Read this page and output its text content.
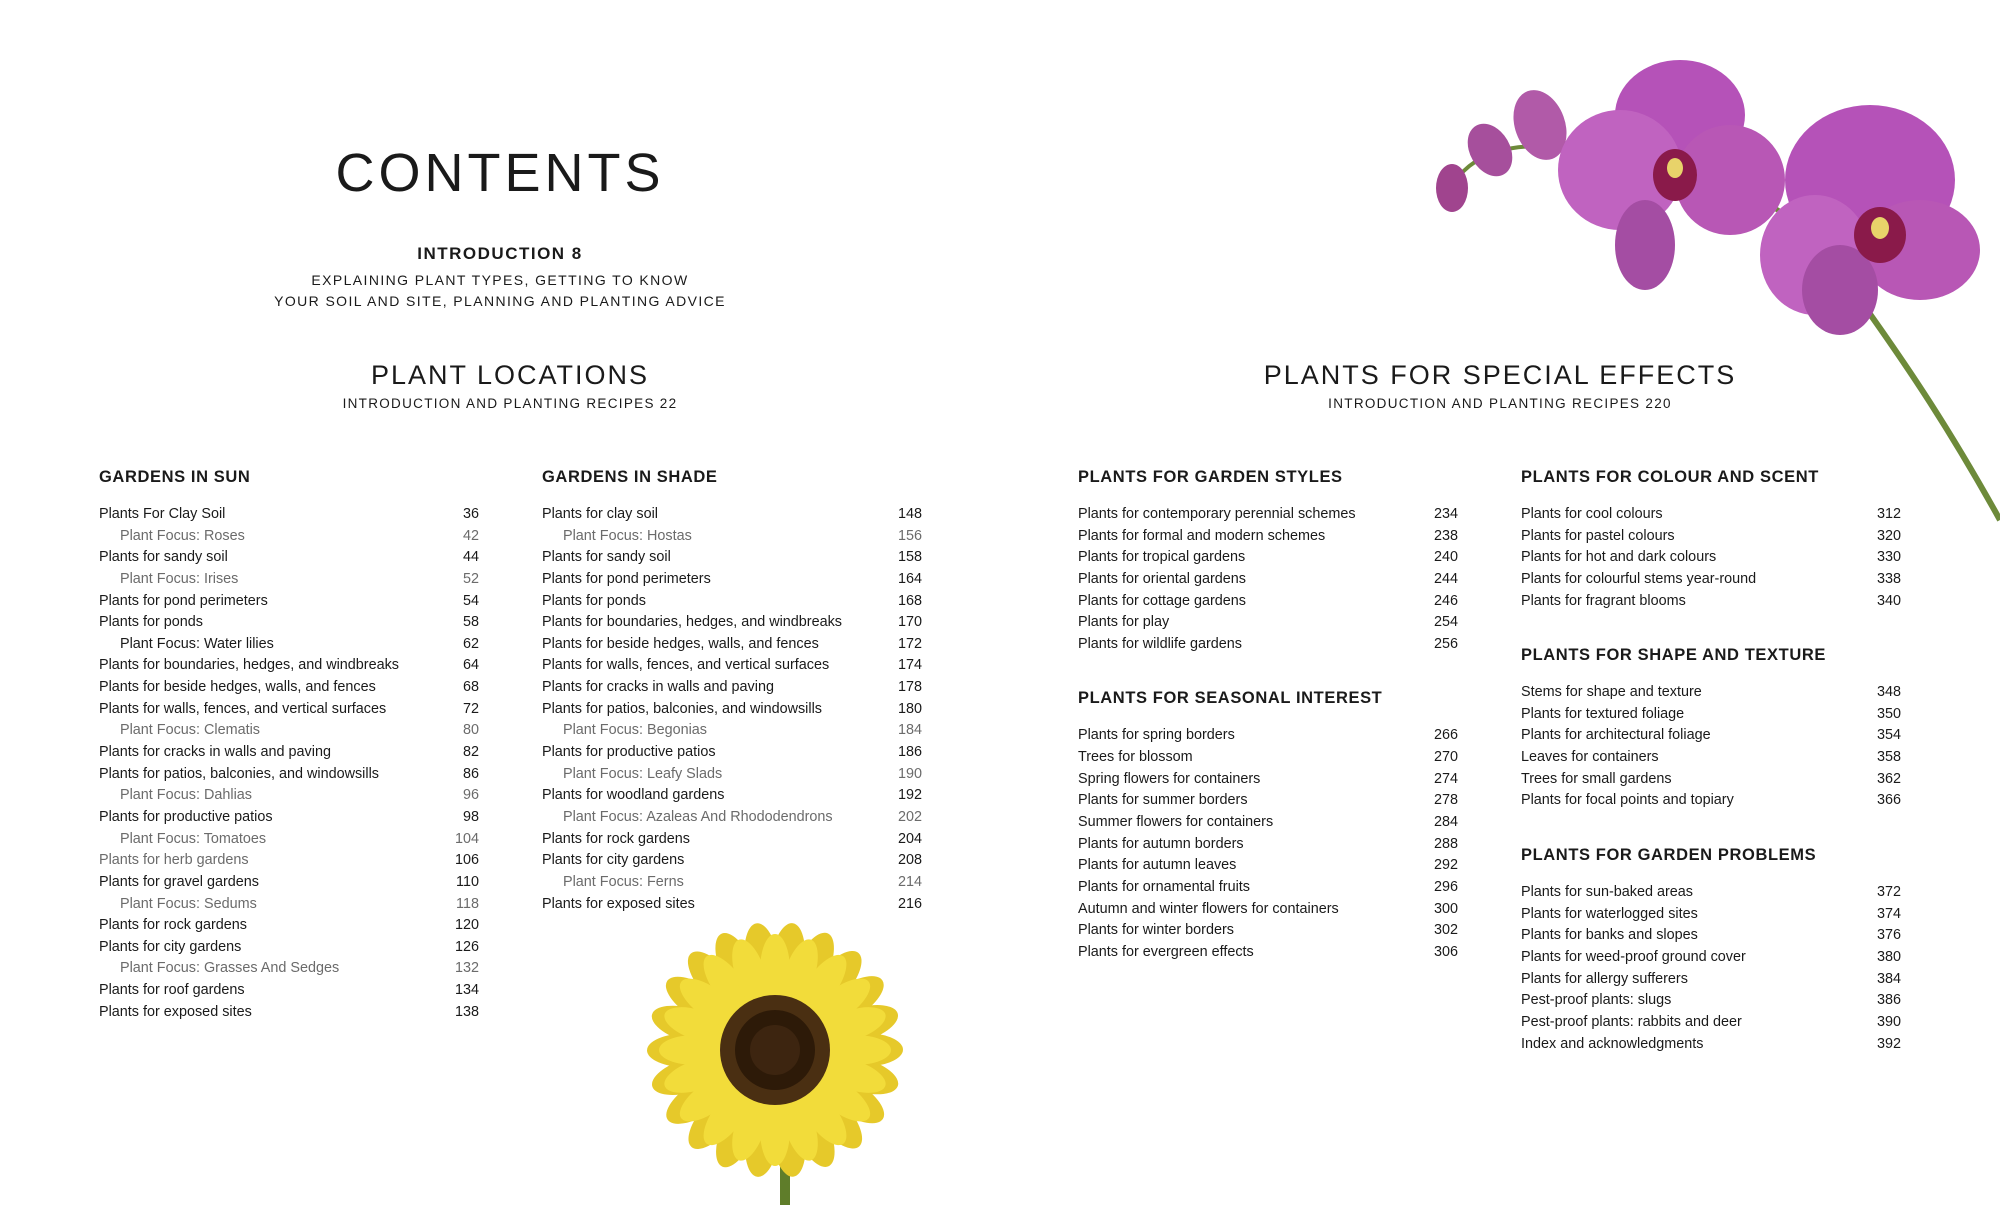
CONTENTS
INTRODUCTION 8
EXPLAINING PLANT TYPES, GETTING TO KNOW
YOUR SOIL AND SITE, PLANNING AND PLANTING ADVICE
PLANT LOCATIONS
INTRODUCTION AND PLANTING RECIPES 22
PLANTS FOR SPECIAL EFFECTS
INTRODUCTION AND PLANTING RECIPES 220
GARDENS IN SUN
Plants For Clay Soil	36
Plant Focus: Roses	42
Plants for sandy soil	44
Plant Focus: Irises	52
Plants for pond perimeters	54
Plants for ponds	58
Plant Focus: Water lilies	62
Plants for boundaries, hedges, and windbreaks	64
Plants for beside hedges, walls, and fences	68
Plants for walls, fences, and vertical surfaces	72
Plant Focus: Clematis	80
Plants for cracks in walls and paving	82
Plants for patios, balconies, and windowsills	86
Plant Focus: Dahlias	96
Plants for productive patios	98
Plant Focus: Tomatoes	104
Plants for herb gardens	106
Plants for gravel gardens	110
Plant Focus: Sedums	118
Plants for rock gardens	120
Plants for city gardens	126
Plant Focus: Grasses And Sedges	132
Plants for roof gardens	134
Plants for exposed sites	138
GARDENS IN SHADE
Plants for clay soil	148
Plant Focus: Hostas	156
Plants for sandy soil	158
Plants for pond perimeters	164
Plants for ponds	168
Plants for boundaries, hedges, and windbreaks	170
Plants for beside hedges, walls, and fences	172
Plants for walls, fences, and vertical surfaces	174
Plants for cracks in walls and paving	178
Plants for patios, balconies, and windowsills	180
Plant Focus: Begonias	184
Plants for productive patios	186
Plant Focus: Leafy Slads	190
Plants for woodland gardens	192
Plant Focus: Azaleas And Rhododendrons	202
Plants for rock gardens	204
Plants for city gardens	208
Plant Focus: Ferns	214
Plants for exposed sites	216
PLANTS FOR GARDEN STYLES
Plants for contemporary perennial schemes	234
Plants for formal and modern schemes	238
Plants for tropical gardens	240
Plants for oriental gardens	244
Plants for cottage gardens	246
Plants for play	254
Plants for wildlife gardens	256
PLANTS FOR SEASONAL INTEREST
Plants for spring borders	266
Trees for blossom	270
Spring flowers for containers	274
Plants for summer borders	278
Summer flowers for containers	284
Plants for autumn borders	288
Plants for autumn leaves	292
Plants for ornamental fruits	296
Autumn and winter flowers for containers	300
Plants for winter borders	302
Plants for evergreen effects	306
PLANTS FOR COLOUR AND SCENT
Plants for cool colours	312
Plants for pastel colours	320
Plants for hot and dark colours	330
Plants for colourful stems year-round	338
Plants for fragrant blooms	340
PLANTS FOR SHAPE AND TEXTURE
Stems for shape and texture	348
Plants for textured foliage	350
Plants for architectural foliage	354
Leaves for containers	358
Trees for small gardens	362
Plants for focal points and topiary	366
PLANTS FOR GARDEN PROBLEMS
Plants for sun-baked areas	372
Plants for waterlogged sites	374
Plants for banks and slopes	376
Plants for weed-proof ground cover	380
Plants for allergy sufferers	384
Pest-proof plants: slugs	386
Pest-proof plants: rabbits and deer	390
Index and acknowledgments	392
